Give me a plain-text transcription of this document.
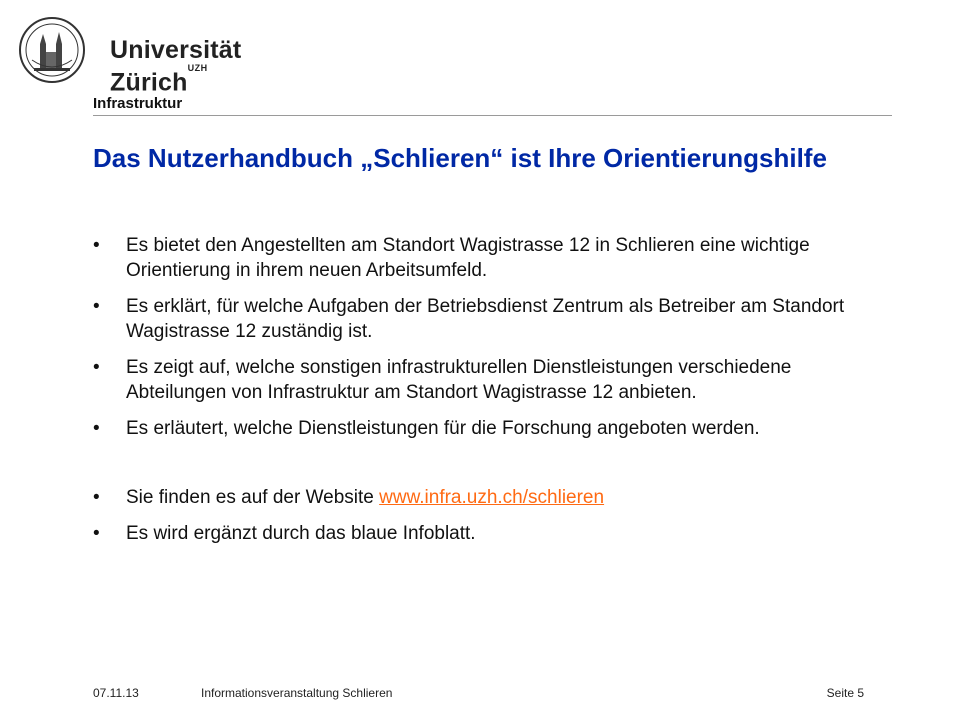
Universität
Zürich$^{UZH}$
Infrastruktur
Das Nutzerhandbuch „Schlieren“ ist Ihre Orientierungshilfe
• Es bietet den Angestellten am Standort Wagistrasse 12 in Schlieren eine wichtige Orientierung in ihrem neuen Arbeitsumfeld.
• Es erklärt, für welche Aufgaben der Betriebsdienst Zentrum als Betreiber am Standort Wagistrasse 12 zuständig ist.
• Es zeigt auf, welche sonstigen infrastrukturellen Dienstleistungen verschiedene Abteilungen von Infrastruktur am Standort Wagistrasse 12 anbieten.
• Es erläutert, welche Dienstleistungen für die Forschung angeboten werden.
• Sie finden es auf der Website www.infra.uzh.ch/schlieren
• Es wird ergänzt durch das blaue Infoblatt.
07.11.13	Informationsveranstaltung Schlieren	Seite 5
